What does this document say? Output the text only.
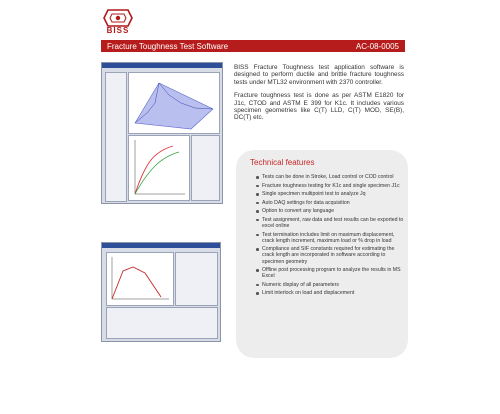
BISS
Fracture Toughness Test Software	AC-08-0005

BISS Fracture Toughness test application software is designed to perform ductile and brittle fracture toughness tests under MTL32 environment with 2370 controller.

Fracture toughness test is done as per ASTM E1820 for J1c, CTOD and ASTM E 399 for K1c. It includes various specimen geometries like C(T) LLD, C(T) MOD, SE(B), DC(T) etc.

Technical features
Tests can be done in Stroke, Load control or COD control
Fracture toughness testing for K1c and single specimen J1c
Single specimen multipoint test to analyze Jq
Auto DAQ settings for data acquisition
Option to convert any language
Test assignment, raw data and test results can be exported to excel online
Test termination includes limit on maximum displacement, crack length increment, maximum load or % drop in load
Compliance and SIF constants required for estimating the crack length are incorporated in software according to specimen geometry
Offline post processing program to analyze the results in MS Excel
Numeric display of all parameters
Limit interlock on load and displacement
